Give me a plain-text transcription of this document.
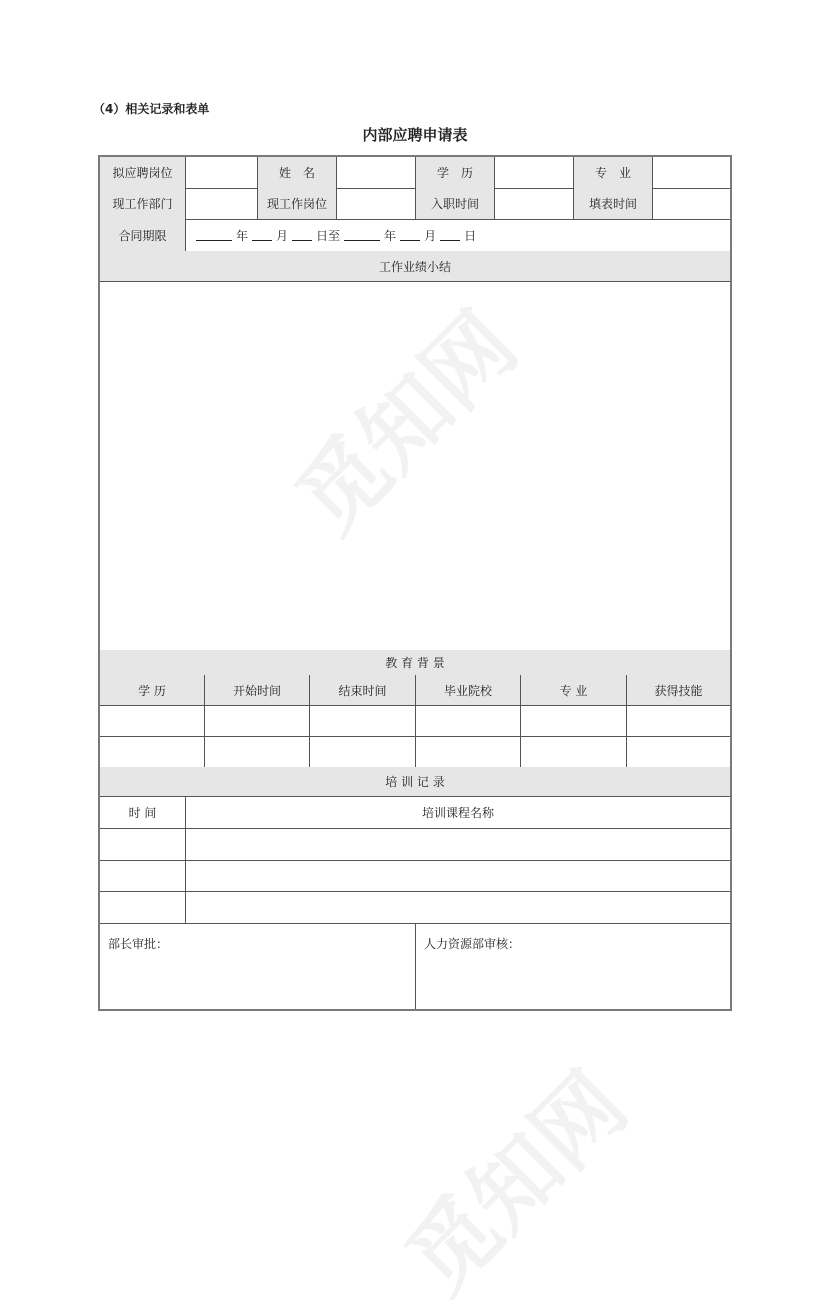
（4）相关记录和表单
内部应聘申请表
拟应聘岗位	姓　名	学　历	专　业
现工作部门	现工作岗位	入职时间	填表时间
合同期限	年 月 日至	年 月 日
工作业绩小结
教 育 背 景
学 历	开始时间	结束时间	毕业院校	专 业	获得技能
培 训 记 录
时 间	培训课程名称
部长审批：	人力资源部审核：
觅知网
觅知网
